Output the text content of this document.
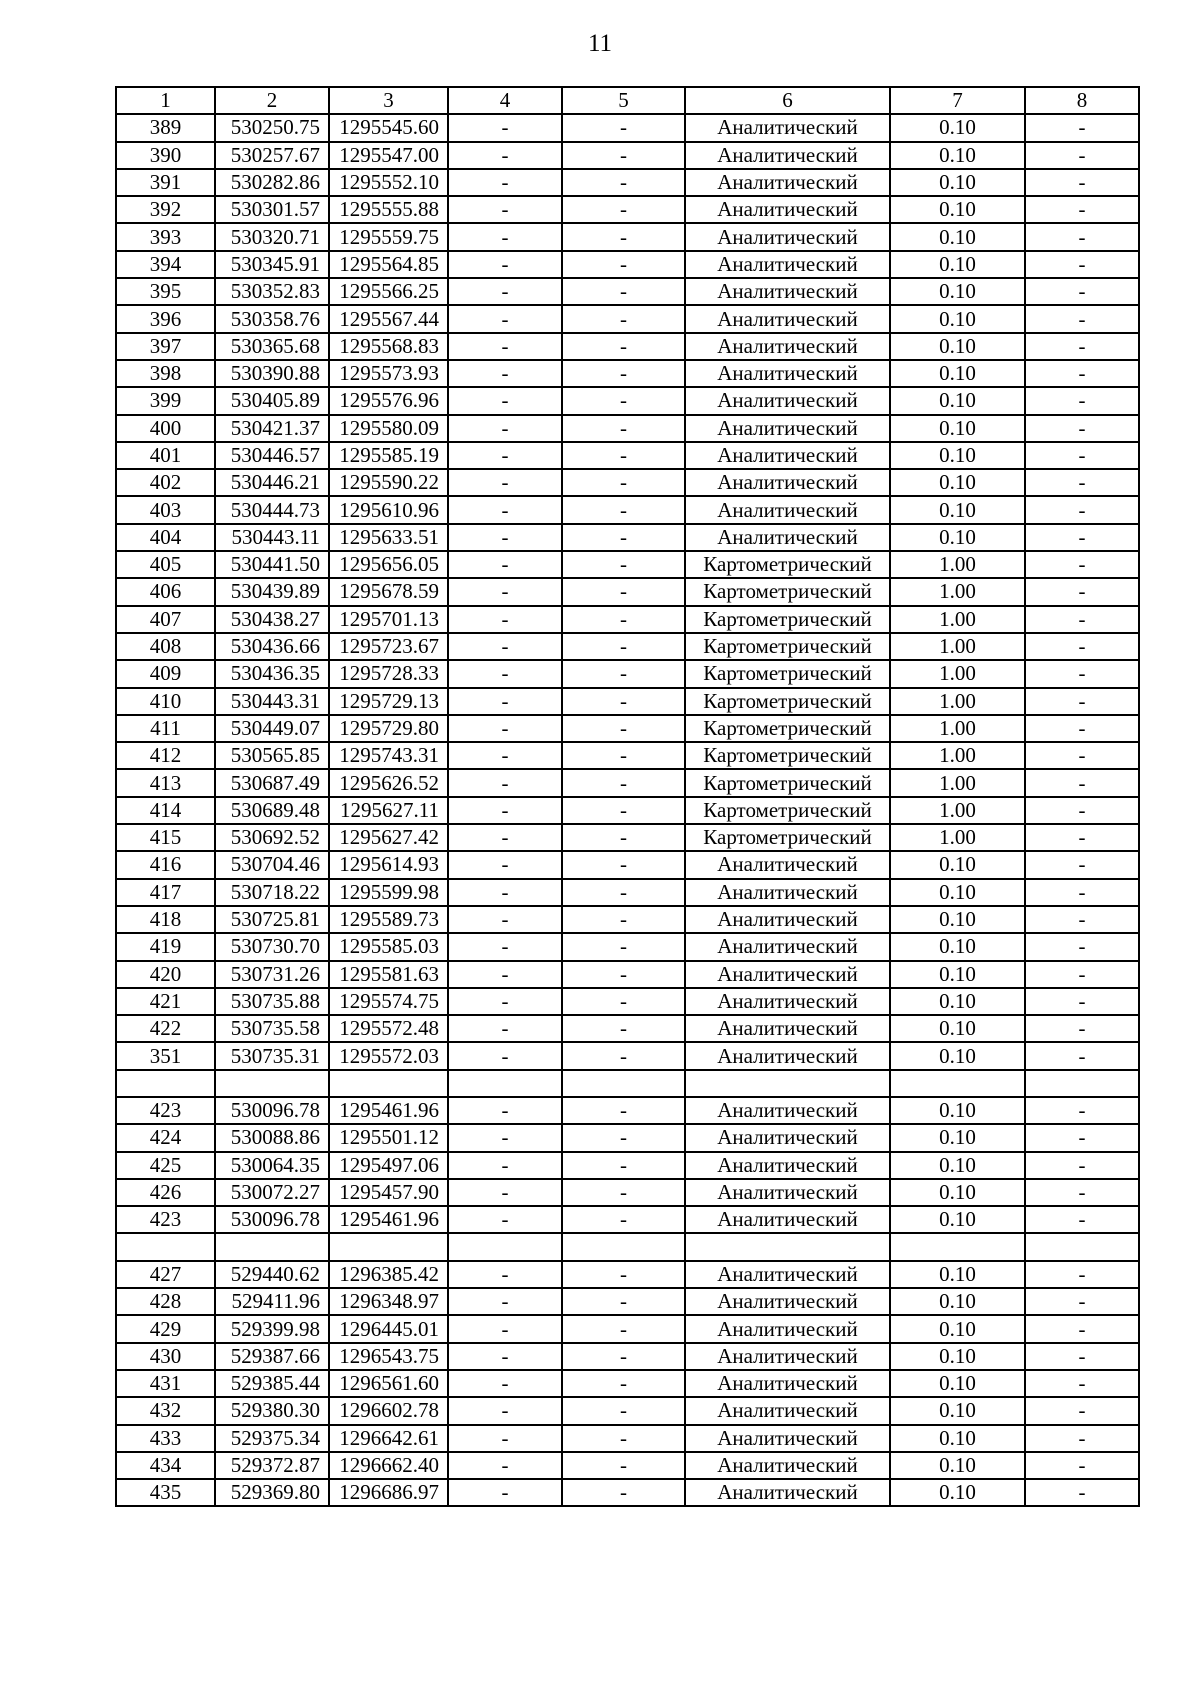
11
1	2	3	4	5	6	7	8
389	530250.75	1295545.60	-	-	Аналитический	0.10	-
390	530257.67	1295547.00	-	-	Аналитический	0.10	-
391	530282.86	1295552.10	-	-	Аналитический	0.10	-
392	530301.57	1295555.88	-	-	Аналитический	0.10	-
393	530320.71	1295559.75	-	-	Аналитический	0.10	-
394	530345.91	1295564.85	-	-	Аналитический	0.10	-
395	530352.83	1295566.25	-	-	Аналитический	0.10	-
396	530358.76	1295567.44	-	-	Аналитический	0.10	-
397	530365.68	1295568.83	-	-	Аналитический	0.10	-
398	530390.88	1295573.93	-	-	Аналитический	0.10	-
399	530405.89	1295576.96	-	-	Аналитический	0.10	-
400	530421.37	1295580.09	-	-	Аналитический	0.10	-
401	530446.57	1295585.19	-	-	Аналитический	0.10	-
402	530446.21	1295590.22	-	-	Аналитический	0.10	-
403	530444.73	1295610.96	-	-	Аналитический	0.10	-
404	530443.11	1295633.51	-	-	Аналитический	0.10	-
405	530441.50	1295656.05	-	-	Картометрический	1.00	-
406	530439.89	1295678.59	-	-	Картометрический	1.00	-
407	530438.27	1295701.13	-	-	Картометрический	1.00	-
408	530436.66	1295723.67	-	-	Картометрический	1.00	-
409	530436.35	1295728.33	-	-	Картометрический	1.00	-
410	530443.31	1295729.13	-	-	Картометрический	1.00	-
411	530449.07	1295729.80	-	-	Картометрический	1.00	-
412	530565.85	1295743.31	-	-	Картометрический	1.00	-
413	530687.49	1295626.52	-	-	Картометрический	1.00	-
414	530689.48	1295627.11	-	-	Картометрический	1.00	-
415	530692.52	1295627.42	-	-	Картометрический	1.00	-
416	530704.46	1295614.93	-	-	Аналитический	0.10	-
417	530718.22	1295599.98	-	-	Аналитический	0.10	-
418	530725.81	1295589.73	-	-	Аналитический	0.10	-
419	530730.70	1295585.03	-	-	Аналитический	0.10	-
420	530731.26	1295581.63	-	-	Аналитический	0.10	-
421	530735.88	1295574.75	-	-	Аналитический	0.10	-
422	530735.58	1295572.48	-	-	Аналитический	0.10	-
351	530735.31	1295572.03	-	-	Аналитический	0.10	-

423	530096.78	1295461.96	-	-	Аналитический	0.10	-
424	530088.86	1295501.12	-	-	Аналитический	0.10	-
425	530064.35	1295497.06	-	-	Аналитический	0.10	-
426	530072.27	1295457.90	-	-	Аналитический	0.10	-
423	530096.78	1295461.96	-	-	Аналитический	0.10	-

427	529440.62	1296385.42	-	-	Аналитический	0.10	-
428	529411.96	1296348.97	-	-	Аналитический	0.10	-
429	529399.98	1296445.01	-	-	Аналитический	0.10	-
430	529387.66	1296543.75	-	-	Аналитический	0.10	-
431	529385.44	1296561.60	-	-	Аналитический	0.10	-
432	529380.30	1296602.78	-	-	Аналитический	0.10	-
433	529375.34	1296642.61	-	-	Аналитический	0.10	-
434	529372.87	1296662.40	-	-	Аналитический	0.10	-
435	529369.80	1296686.97	-	-	Аналитический	0.10	-
